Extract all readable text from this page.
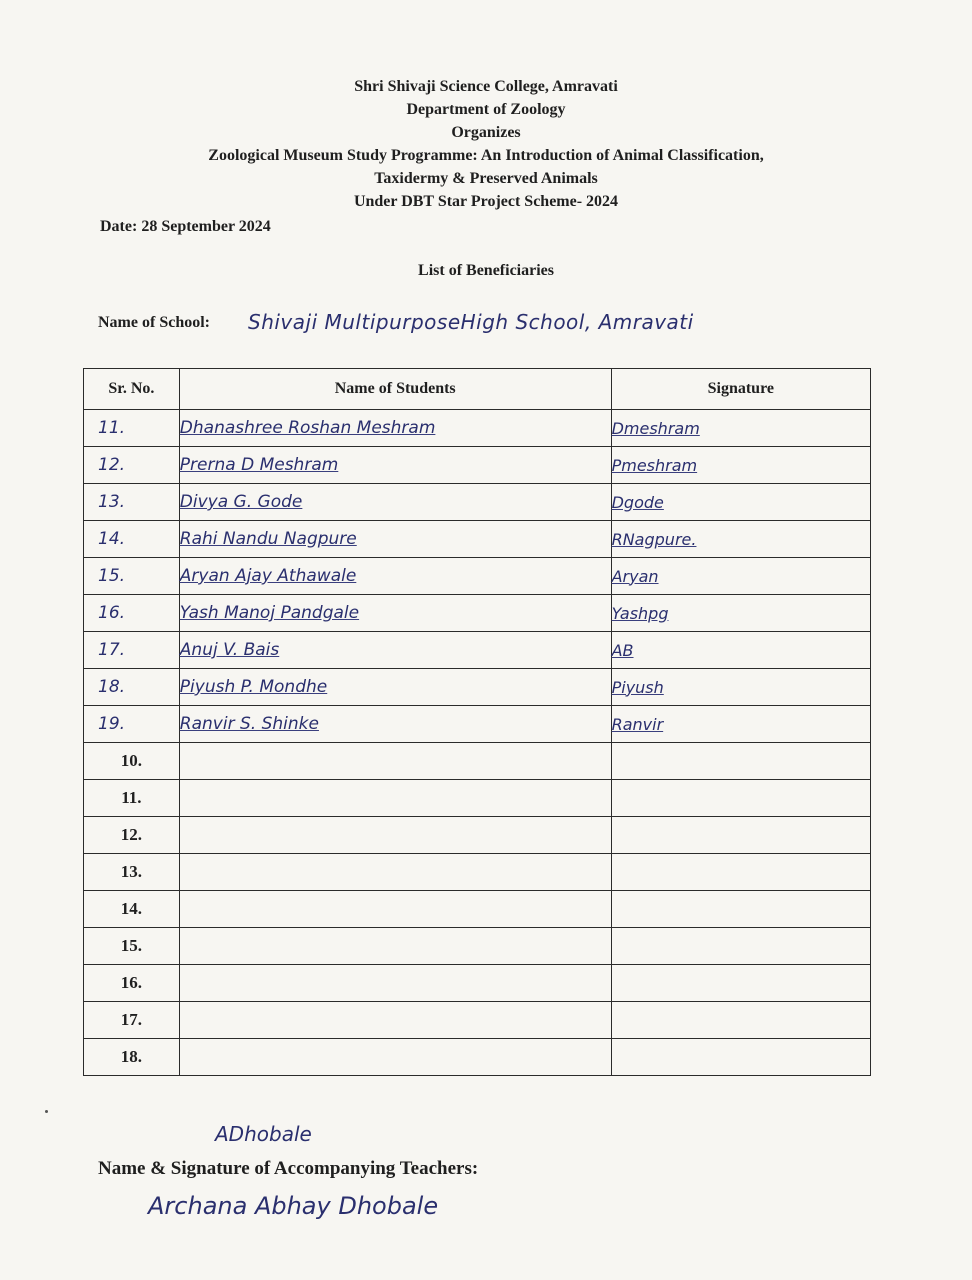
Shri Shivaji Science College, Amravati
Department of Zoology
Organizes
Zoological Museum Study Programme: An Introduction of Animal Classification,
Taxidermy & Preserved Animals
Under DBT Star Project Scheme- 2024
Date: 28 September 2024
List of Beneficiaries
Name of School: Shivaji MultipurposeHigh School, Amravati
Sr. No.	Name of Students	Signature
11.	Dhanashree Roshan Meshram	Dmeshram
12.	Prerna D Meshram	Pmeshram
13.	Divya G. Gode	Dgode
14.	Rahi Nandu Nagpure	RNagpure.
15.	Aryan Ajay Athawale	Aryan
16.	Yash Manoj Pandgale	Yashpg
17.	Anuj V. Bais	AB
18.	Piyush P. Mondhe	Piyush
19.	Ranvir S. Shinke	Ranvir
10.		
11.		
12.		
13.		
14.		
15.		
16.		
17.		
18.		
ADhobale
Name & Signature of Accompanying Teachers:
Archana Abhay Dhobale
